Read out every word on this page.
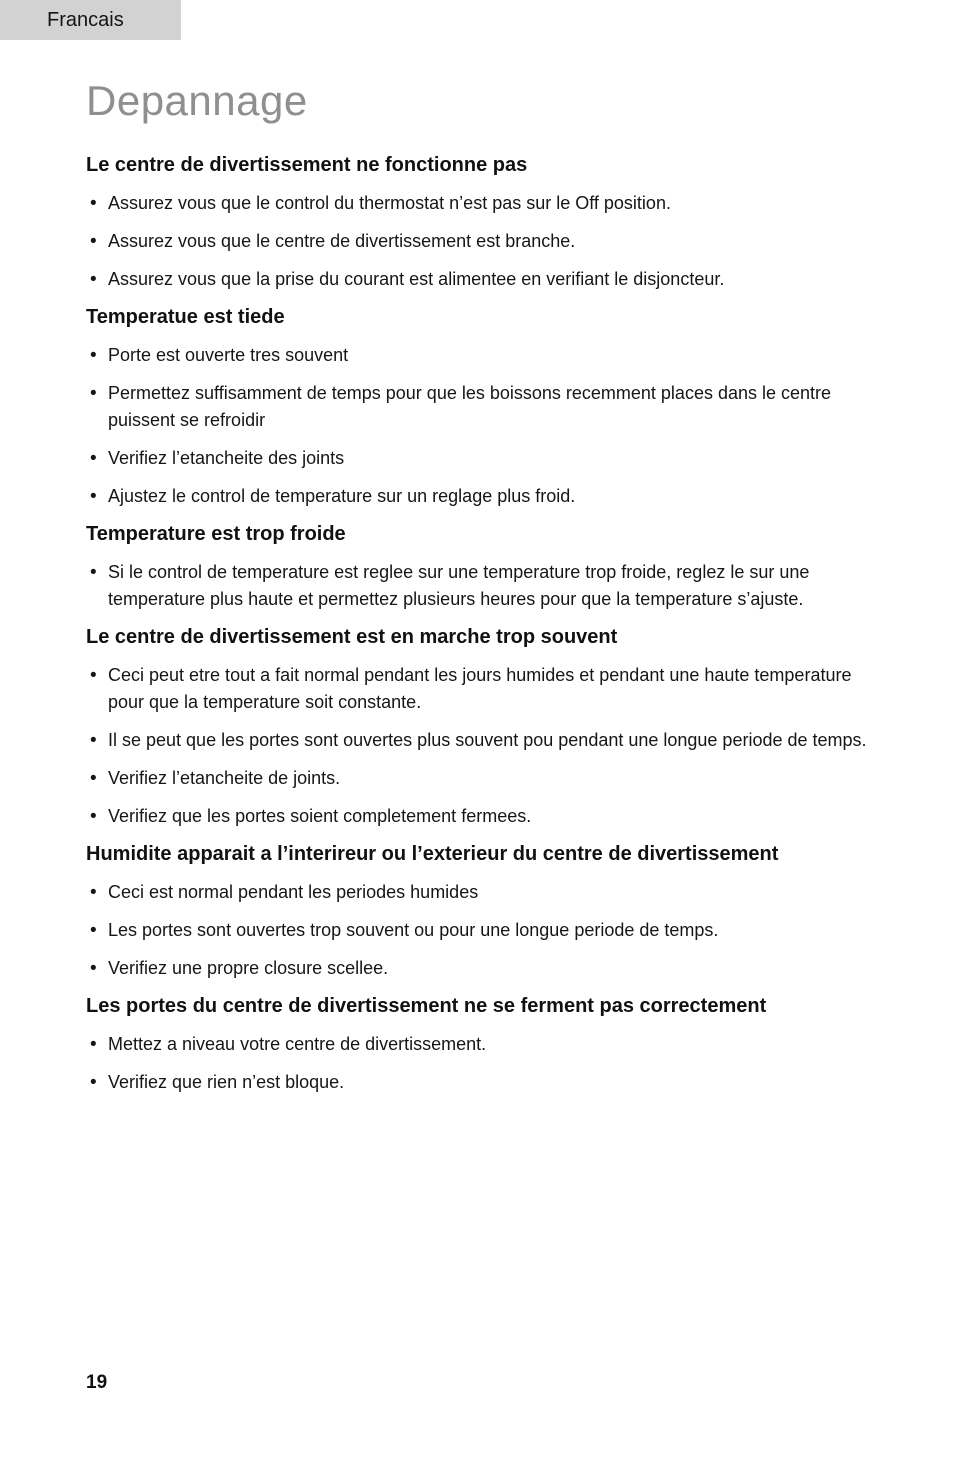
Francais
Depannage
Le centre de divertissement ne fonctionne pas
• Assurez vous que le control du thermostat n’est pas sur le Off position.
• Assurez vous que le centre de divertissement est branche.
• Assurez vous que la prise du courant est alimentee en verifiant le disjoncteur.
Temperatue est tiede
• Porte est ouverte tres souvent
• Permettez suffisamment de temps pour que les boissons recemment places dans le centre puissent se refroidir
• Verifiez l’etancheite des joints
• Ajustez le control de temperature sur un reglage plus froid.
Temperature est trop froide
• Si le control de temperature est reglee sur une temperature trop froide, reglez le sur une temperature plus haute et permettez plusieurs heures pour que la temperature s’ajuste.
Le centre de divertissement est en marche trop souvent
• Ceci peut etre tout a fait normal pendant les jours humides et pendant une haute temperature pour que la temperature soit constante.
• Il se peut que les portes sont ouvertes plus souvent pou pendant une longue periode de temps.
• Verifiez l’etancheite de joints.
• Verifiez que les portes soient completement fermees.
Humidite apparait a l’interireur ou l’exterieur du centre de divertissement
• Ceci est normal pendant les periodes humides
• Les portes sont ouvertes trop souvent ou pour une longue periode de temps.
• Verifiez une propre closure scellee.
Les portes du centre de divertissement ne se ferment pas correctement
• Mettez a niveau votre centre de divertissement.
• Verifiez que rien n’est bloque.
19
